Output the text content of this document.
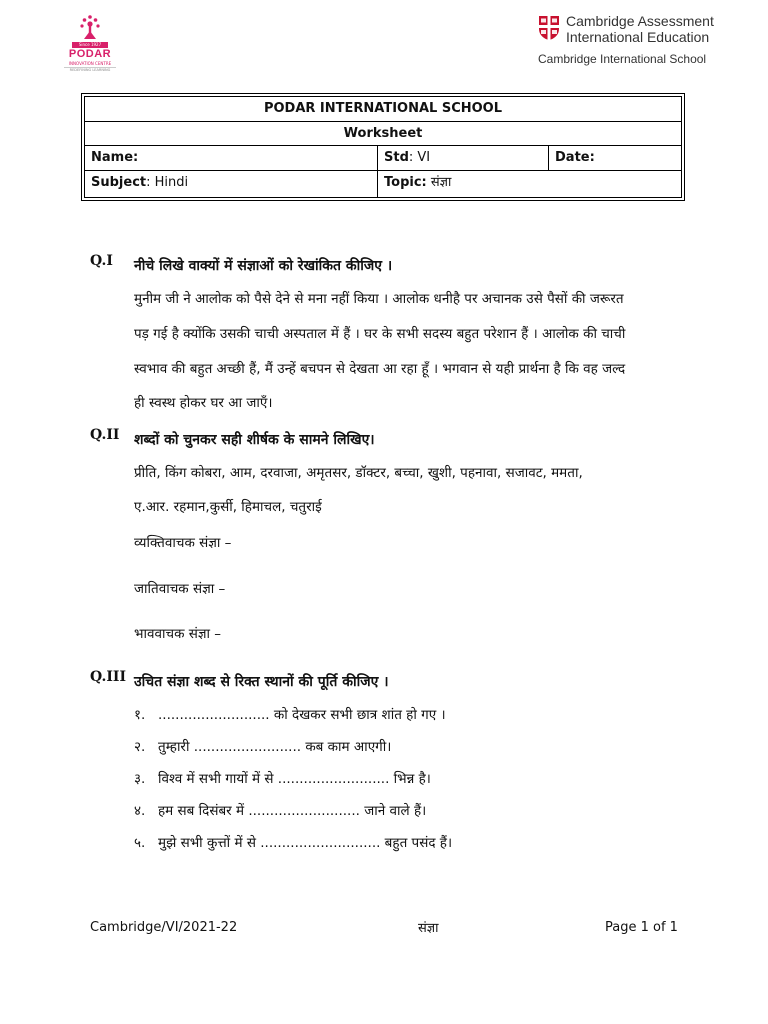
Since 1927
PODAR
INNOVATION CENTRE
REDEFINING LEARNING
Cambridge Assessment
International Education
Cambridge International School
PODAR INTERNATIONAL SCHOOL
Worksheet
Name:	Std: VI	Date:
Subject: Hindi	Topic: संज्ञा
Q.I नीचे लिखे वाक्यों में संज्ञाओं को रेखांकित कीजिए ।
मुनीम जी ने आलोक को पैसे देने से मना नहीं किया । आलोक धनीहै पर अचानक उसे पैसों की जरूरत
पड़ गई है क्योंकि उसकी चाची अस्पताल में हैं । घर के सभी सदस्य बहुत परेशान हैं । आलोक की चाची
स्वभाव की बहुत अच्छी हैं, मैं उन्हें बचपन से देखता आ रहा हूँ । भगवान से यही प्रार्थना है कि वह जल्द
ही स्वस्थ होकर घर आ जाएँ।
Q.II शब्दों को चुनकर सही शीर्षक के सामने लिखिए।
प्रीति, किंग कोबरा, आम, दरवाजा, अमृतसर, डॉक्टर, बच्चा, खुशी, पहनावा, सजावट, ममता,
ए.आर. रहमान,कुर्सी, हिमाचल, चतुराई
व्यक्तिवाचक संज्ञा –
जातिवाचक संज्ञा –
भाववाचक संज्ञा –
Q.III उचित संज्ञा शब्द से रिक्त स्थानों की पूर्ति कीजिए ।
१. .......................... को देखकर सभी छात्र शांत हो गए ।
२. तुम्हारी ......................... कब काम आएगी।
३. विश्व में सभी गायों में से .......................... भिन्न है।
४. हम सब दिसंबर में .......................... जाने वाले हैं।
५. मुझे सभी कुत्तों में से ............................ बहुत पसंद हैं।
Cambridge/VI/2021-22	संज्ञा	Page 1 of 1
